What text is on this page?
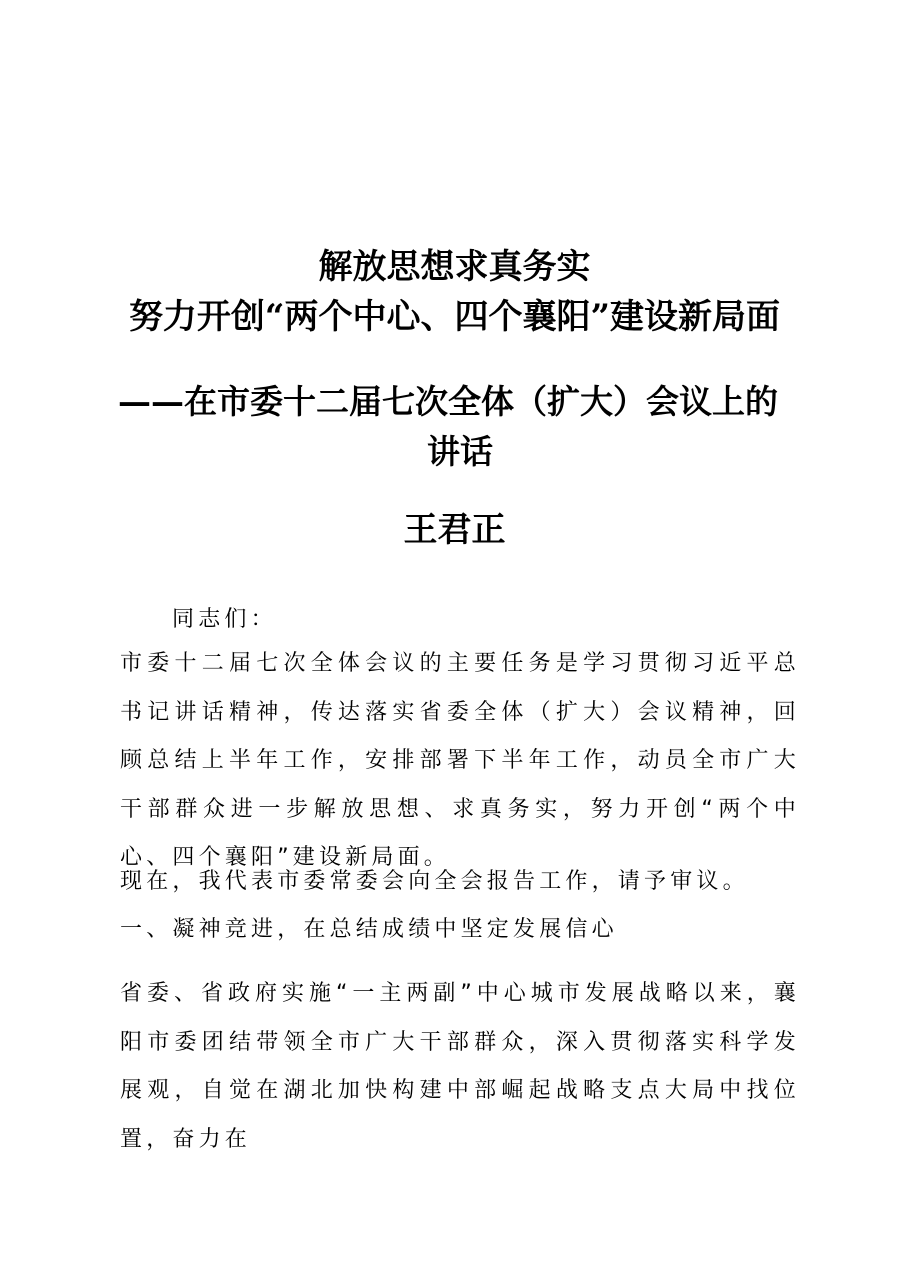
解放思想求真务实
努力开创“两个中心、四个襄阳”建设新局面
——在市委十二届七次全体（扩大）会议上的
讲话
王君正
同志们：
市委十二届七次全体会议的主要任务是学习贯彻习近平总书记讲话精神，传达落实省委全体（扩大）会议精神，回顾总结上半年工作，安排部署下半年工作，动员全市广大干部群众进一步解放思想、求真务实，努力开创“两个中心、四个襄阳”建设新局面。
现在，我代表市委常委会向全会报告工作，请予审议。
一、凝神竞进，在总结成绩中坚定发展信心
省委、省政府实施“一主两副”中心城市发展战略以来，襄阳市委团结带领全市广大干部群众，深入贯彻落实科学发展观，自觉在湖北加快构建中部崛起战略支点大局中找位置，奋力在
